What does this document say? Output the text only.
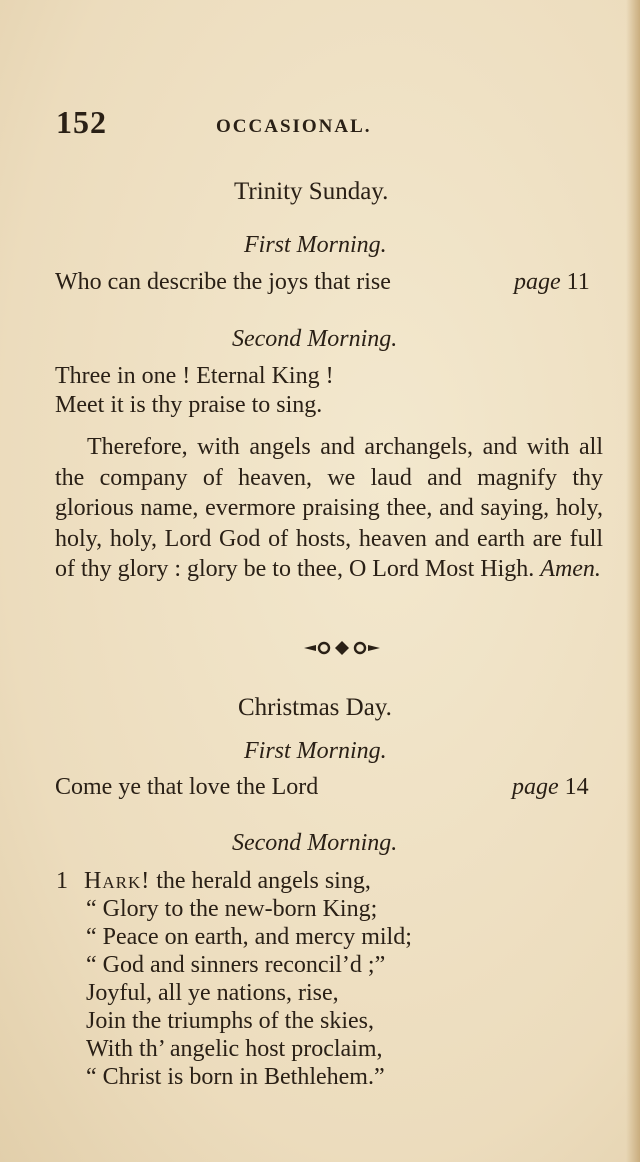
152	OCCASIONAL.
Trinity Sunday.
First Morning.
Who can describe the joys that rise	page 11
Second Morning.
Three in one ! Eternal King !
Meet it is thy praise to sing.
Therefore, with angels and archangels, and with all the company of heaven, we laud and magnify thy glorious name, evermore praising thee, and saying, holy, holy, holy, Lord God of hosts, heaven and earth are full of thy glory : glory be to thee, O Lord Most High. Amen.
Christmas Day.
First Morning.
Come ye that love the Lord	page 14
Second Morning.
1 Hark! the herald angels sing,
“ Glory to the new-born King;
“ Peace on earth, and mercy mild;
“ God and sinners reconcil’d ;”
Joyful, all ye nations, rise,
Join the triumphs of the skies,
With th’ angelic host proclaim,
“ Christ is born in Bethlehem.”
